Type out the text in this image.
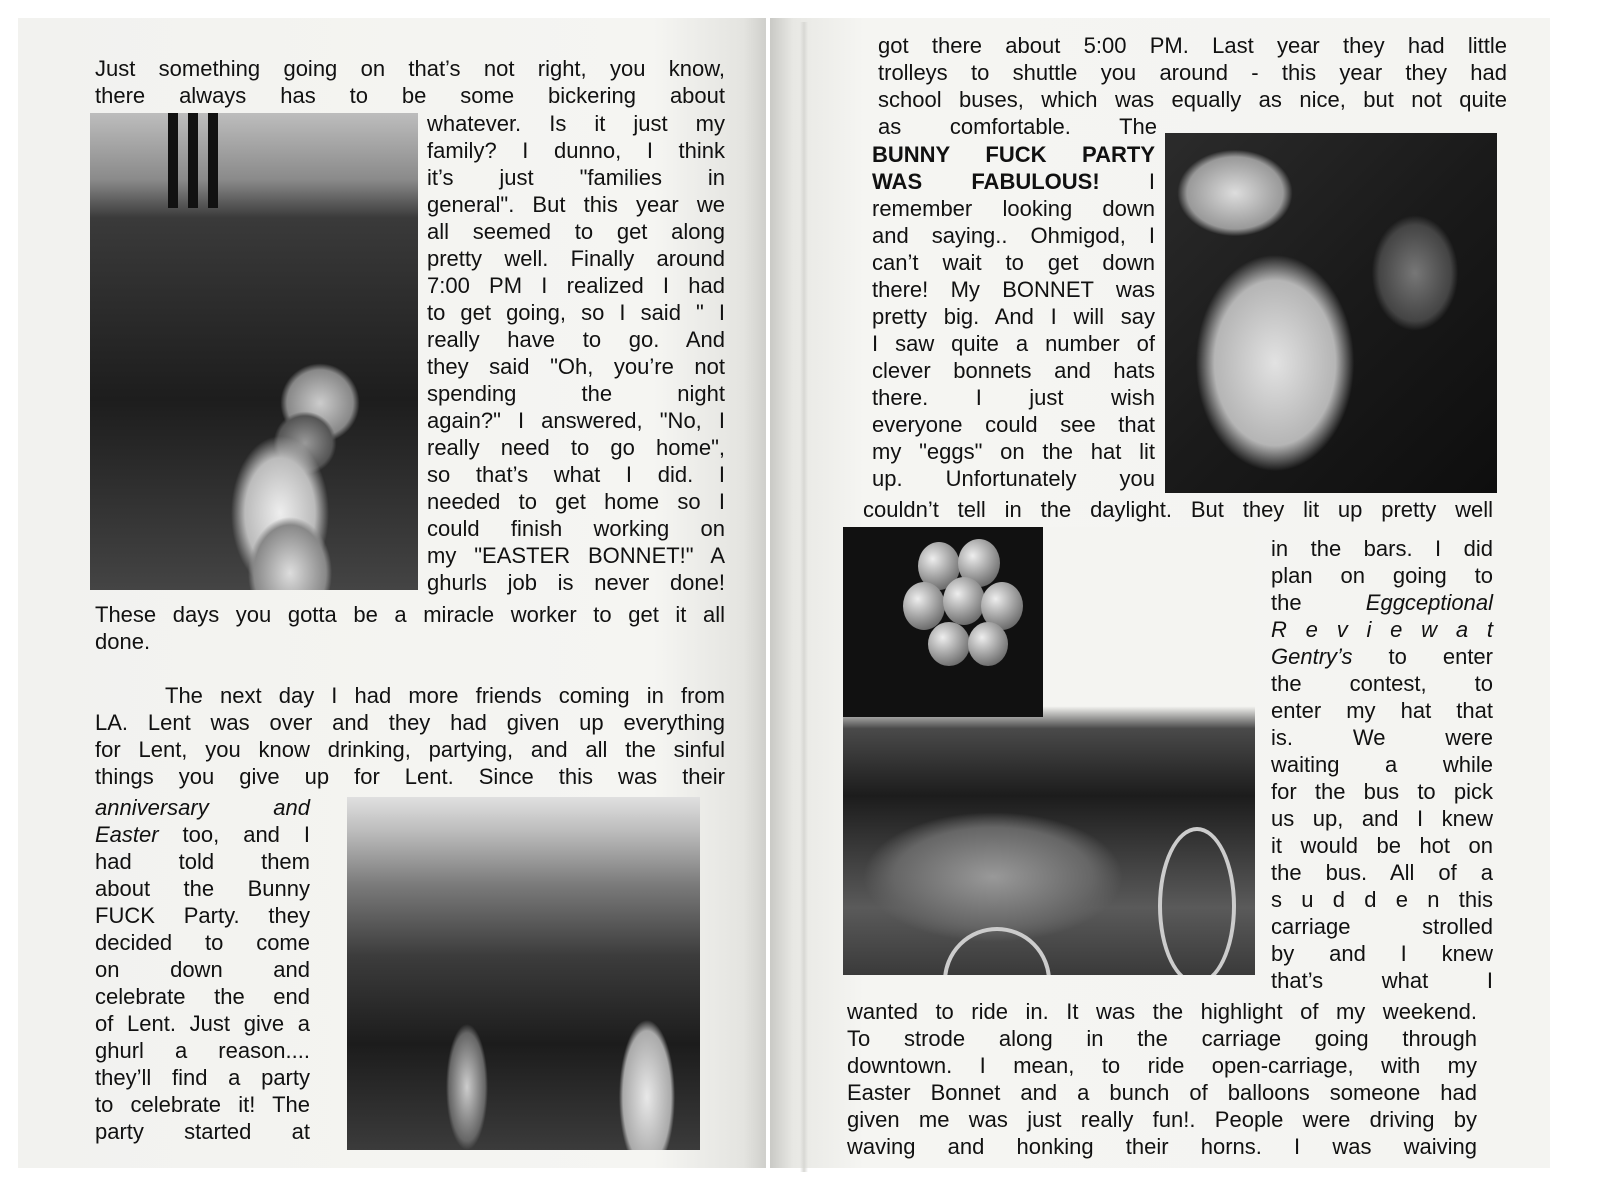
Just something going on that’s not right, you know,
there always has to be some bickering about
whatever. Is it just my
family? I dunno, I think
it’s just "families in
general". But this year we
all seemed to get along
pretty well. Finally around
7:00 PM I realized I had
to get going, so I said " I
really have to go. And
they said "Oh, you’re not
spending the night
again?" I answered, "No, I
really need to go home",
so that’s what I did. I
needed to get home so I
could finish working on
my "EASTER BONNET!" A
ghurls job is never done!
These days you gotta be a miracle worker to get it all
done.
The next day I had more friends coming in from
LA. Lent was over and they had given up everything
for Lent, you know drinking, partying, and all the sinful
things you give up for Lent. Since this was their
anniversary and
Easter too, and I
had told them
about the Bunny
FUCK Party. they
decided to come
on down and
celebrate the end
of Lent. Just give a
ghurl a reason....
they’ll find a party
to celebrate it! The
party started at
got there about 5:00 PM. Last year they had little
trolleys to shuttle you around - this year they had
school buses, which was equally as nice, but not quite
as comfortable. The
BUNNY FUCK PARTY
WAS FABULOUS! I
remember looking down
and saying.. Ohmigod, I
can’t wait to get down
there! My BONNET was
pretty big. And I will say
I saw quite a number of
clever bonnets and hats
there. I just wish
everyone could see that
my "eggs" on the hat lit
up. Unfortunately you
couldn’t tell in the daylight. But they lit up pretty well
in the bars. I did
plan on going to
the Eggceptional
R e v i e w a t
Gentry’s to enter
the contest, to
enter my hat that
is. We were
waiting a while
for the bus to pick
us up, and I knew
it would be hot on
the bus. All of a
s u d d e n this
carriage strolled
by and I knew
that’s what I
wanted to ride in. It was the highlight of my weekend.
To strode along in the carriage going through
downtown. I mean, to ride open-carriage, with my
Easter Bonnet and a bunch of balloons someone had
given me was just really fun!. People were driving by
waving and honking their horns. I was waiving
